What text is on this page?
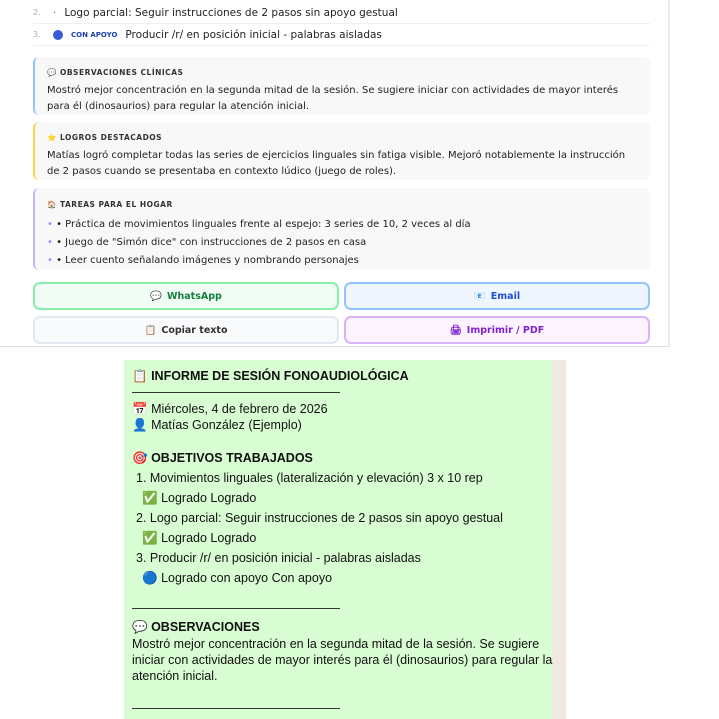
2.	· Logo parcial: Seguir instrucciones de 2 pasos sin apoyo gestual
3.	CON APOYO Producir /r/ en posición inicial - palabras aisladas
💬 OBSERVACIONES CLÍNICAS
Mostró mejor concentración en la segunda mitad de la sesión. Se sugiere iniciar con actividades de mayor interés para él (dinosaurios) para regular la atención inicial.
⭐ LOGROS DESTACADOS
Matías logró completar todas las series de ejercicios linguales sin fatiga visible. Mejoró notablemente la instrucción de 2 pasos cuando se presentaba en contexto lúdico (juego de roles).
🏠 TAREAS PARA EL HOGAR
• • Práctica de movimientos linguales frente al espejo: 3 series de 10, 2 veces al día
• • Juego de "Simón dice" con instrucciones de 2 pasos en casa
• • Leer cuento señalando imágenes y nombrando personajes
💬 WhatsApp	📧 Email
📋 Copiar texto	🖨 Imprimir / PDF
📋 INFORME DE SESIÓN FONOAUDIOLÓGICA
📅 Miércoles, 4 de febrero de 2026
👤 Matías González (Ejemplo)
🎯 OBJETIVOS TRABAJADOS
1. Movimientos linguales (lateralización y elevación) 3 x 10 rep
✅ Logrado Logrado
2. Logo parcial: Seguir instrucciones de 2 pasos sin apoyo gestual
✅ Logrado Logrado
3. Producir /r/ en posición inicial - palabras aisladas
🔵 Logrado con apoyo Con apoyo
💬 OBSERVACIONES
Mostró mejor concentración en la segunda mitad de la sesión. Se sugiere
iniciar con actividades de mayor interés para él (dinosaurios) para regular la
atención inicial.
